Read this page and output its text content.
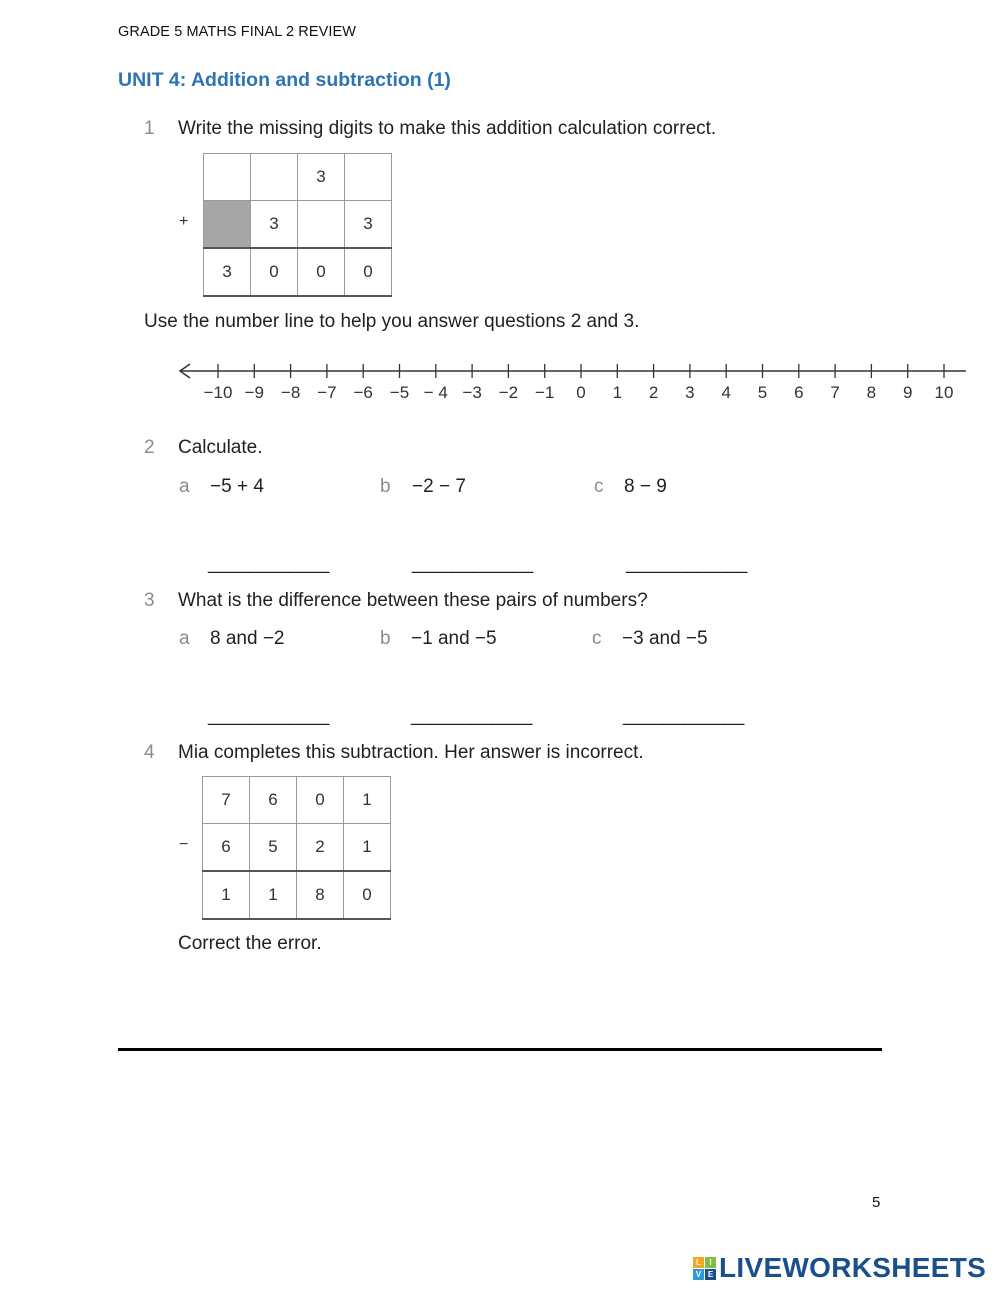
GRADE 5 MATHS FINAL 2 REVIEW
UNIT 4: Addition and subtraction (1)
1 Write the missing digits to make this addition calculation correct.
+
		3	
	3		3
3	0	0	0
Use the number line to help you answer questions 2 and 3.
−10 −9 −8 −7 −6 −5 − 4 −3 −2 −1 0 1 2 3 4 5 6 7 8 9 10
2 Calculate.
a −5 + 4	b −2 − 7	c 8 − 9
____________	____________	____________
3 What is the difference between these pairs of numbers?
a 8 and −2	b −1 and −5	c −3 and −5
____________	____________	____________
4 Mia completes this subtraction. Her answer is incorrect.
−
7	6	0	1
6	5	2	1
1	1	8	0
Correct the error.
5
L	I
V E LIVEWORKSHEETS
